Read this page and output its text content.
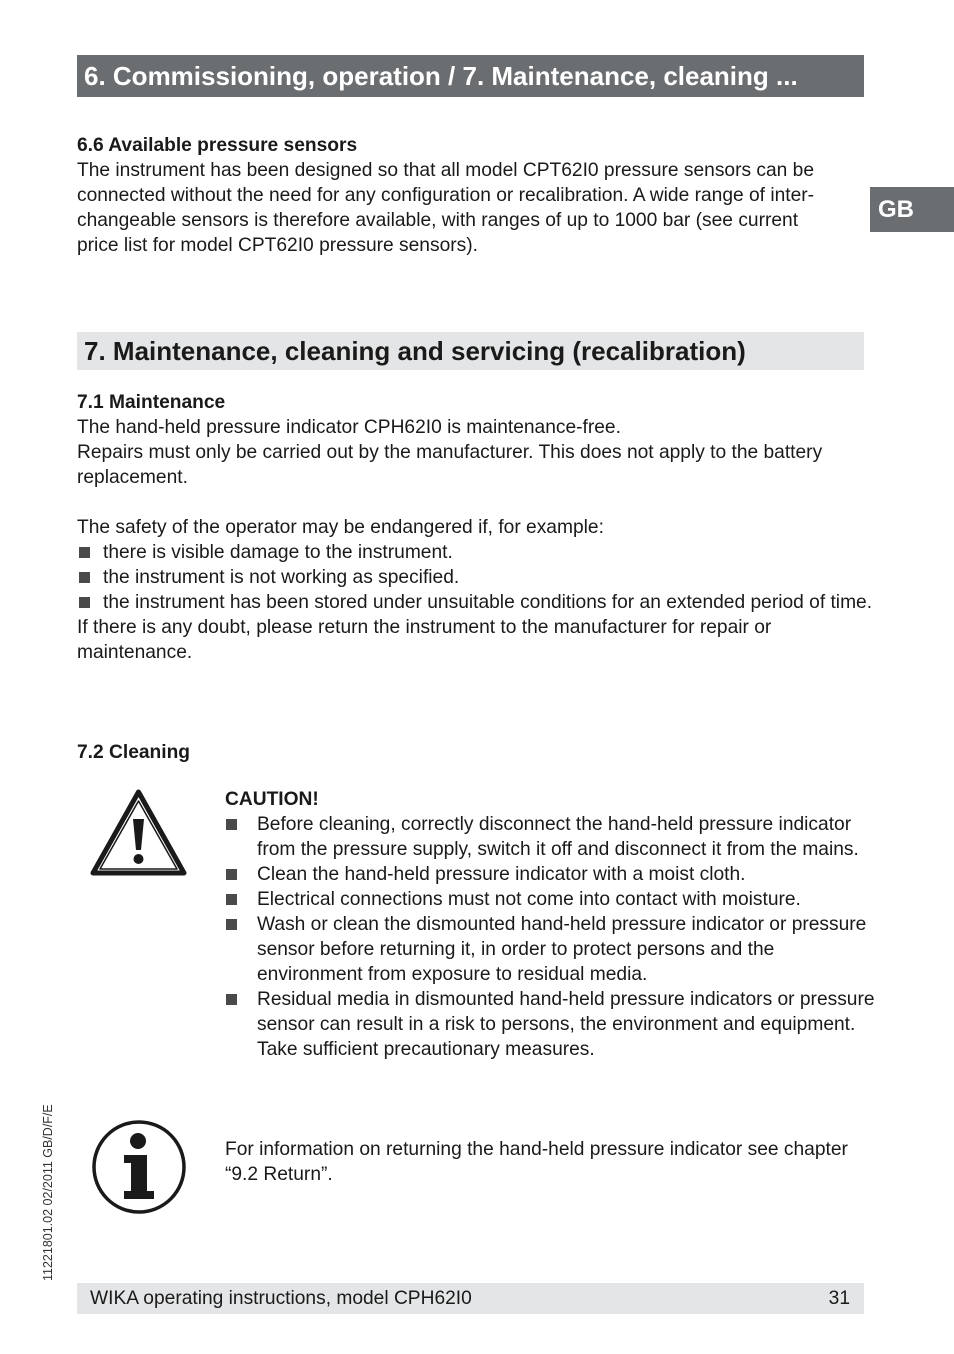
6. Commissioning, operation / 7. Maintenance, cleaning ...
GB

6.6 Available pressure sensors

The instrument has been designed so that all model CPT62I0 pressure sensors can be

connected without the need for any configuration or recalibration. A wide range of inter-

changeable sensors is therefore available, with ranges of up to 1000 bar (see current

price list for model CPT62I0 pressure sensors).

7. Maintenance, cleaning and servicing (recalibration)

7.1 Maintenance

The hand-held pressure indicator CPH62I0 is maintenance-free.

Repairs must only be carried out by the manufacturer. This does not apply to the battery replacement.

The safety of the operator may be endangered if, for example:

there is visible damage to the instrument.
the instrument is not working as specified.
the instrument has been stored under unsuitable conditions for an extended period of time.

If there is any doubt, please return the instrument to the manufacturer for repair or maintenance.

7.2 Cleaning

CAUTION!

Before cleaning, correctly disconnect the hand-held pressure indicator from the pressure supply, switch it off and disconnect it from the mains.
Clean the hand-held pressure indicator with a moist cloth.
Electrical connections must not come into contact with moisture.
Wash or clean the dismounted hand-held pressure indicator or pressure sensor before returning it, in order to protect persons and the environment from exposure to residual media.
Residual media in dismounted hand-held pressure indicators or pressure sensor can result in a risk to persons, the environment and equipment. Take sufficient precautionary measures.
For information on returning the hand-held pressure indicator see chapter “9.2 Return”.
11221801.02 02/2011 GB/D/F/E
WIKA operating instructions, model CPH62I0	31
